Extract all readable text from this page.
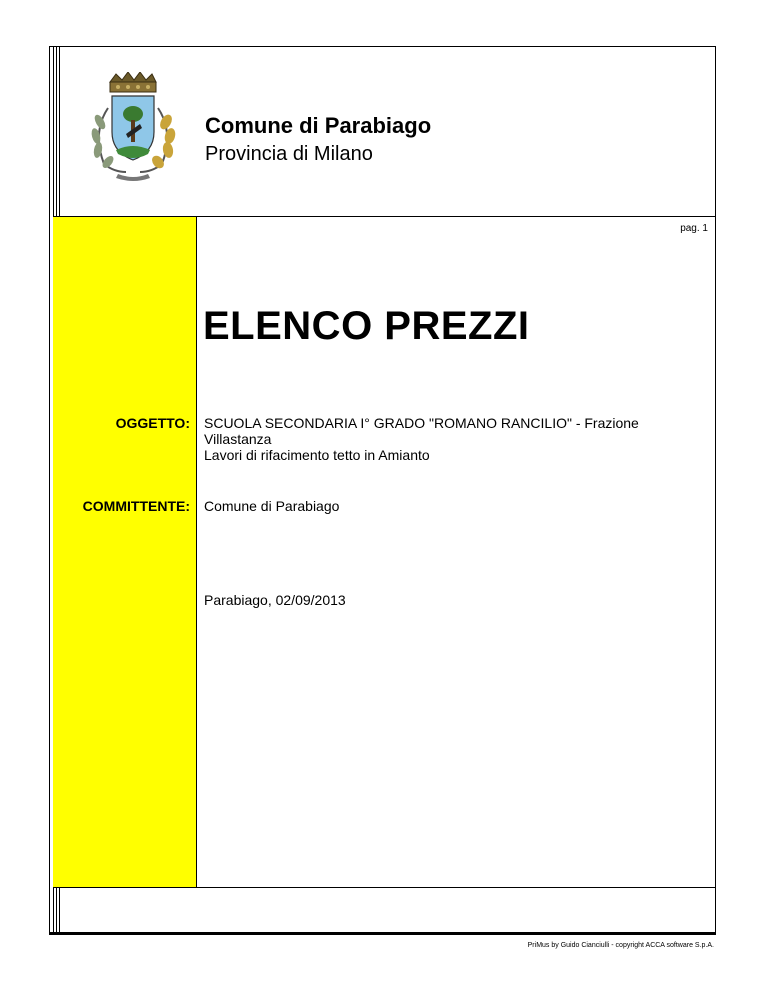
Comune di Parabiago
Provincia di Milano
pag. 1
ELENCO PREZZI
OGGETTO: SCUOLA SECONDARIA I° GRADO "ROMANO RANCILIO" - Frazione
Villastanza
Lavori di rifacimento tetto in Amianto
COMMITTENTE: Comune di Parabiago
Parabiago, 02/09/2013
PriMus by Guido Cianciulli - copyright ACCA software S.p.A.
